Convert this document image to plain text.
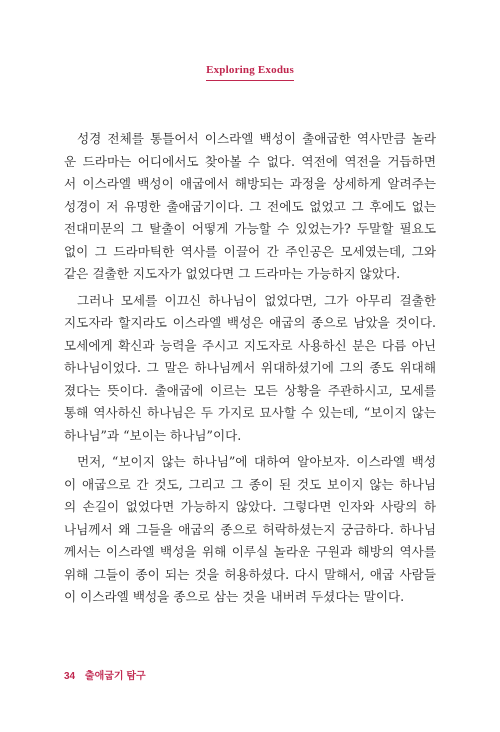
Exploring Exodus
성경 전체를 통틀어서 이스라엘 백성이 출애굽한 역사만큼 놀라
운 드라마는 어디에서도 찾아볼 수 없다. 역전에 역전을 거듭하면
서 이스라엘 백성이 애굽에서 해방되는 과정을 상세하게 알려주는
성경이 저 유명한 출애굽기이다. 그 전에도 없었고 그 후에도 없는
전대미문의 그 탈출이 어떻게 가능할 수 있었는가? 두말할 필요도
없이 그 드라마틱한 역사를 이끌어 간 주인공은 모세였는데, 그와
같은 걸출한 지도자가 없었다면 그 드라마는 가능하지 않았다.
그러나 모세를 이끄신 하나님이 없었다면, 그가 아무리 걸출한
지도자라 할지라도 이스라엘 백성은 애굽의 종으로 남았을 것이다.
모세에게 확신과 능력을 주시고 지도자로 사용하신 분은 다름 아닌
하나님이었다. 그 말은 하나님께서 위대하셨기에 그의 종도 위대해
졌다는 뜻이다. 출애굽에 이르는 모든 상황을 주관하시고, 모세를
통해 역사하신 하나님은 두 가지로 묘사할 수 있는데, “보이지 않는
하나님”과 “보이는 하나님”이다.
먼저, “보이지 않는 하나님”에 대하여 알아보자. 이스라엘 백성
이 애굽으로 간 것도, 그리고 그 종이 된 것도 보이지 않는 하나님
의 손길이 없었다면 가능하지 않았다. 그렇다면 인자와 사랑의 하
나님께서 왜 그들을 애굽의 종으로 허락하셨는지 궁금하다. 하나님
께서는 이스라엘 백성을 위해 이루실 놀라운 구원과 해방의 역사를
위해 그들이 종이 되는 것을 허용하셨다. 다시 말해서, 애굽 사람들
이 이스라엘 백성을 종으로 삼는 것을 내버려 두셨다는 말이다.
34 출애굽기 탐구
